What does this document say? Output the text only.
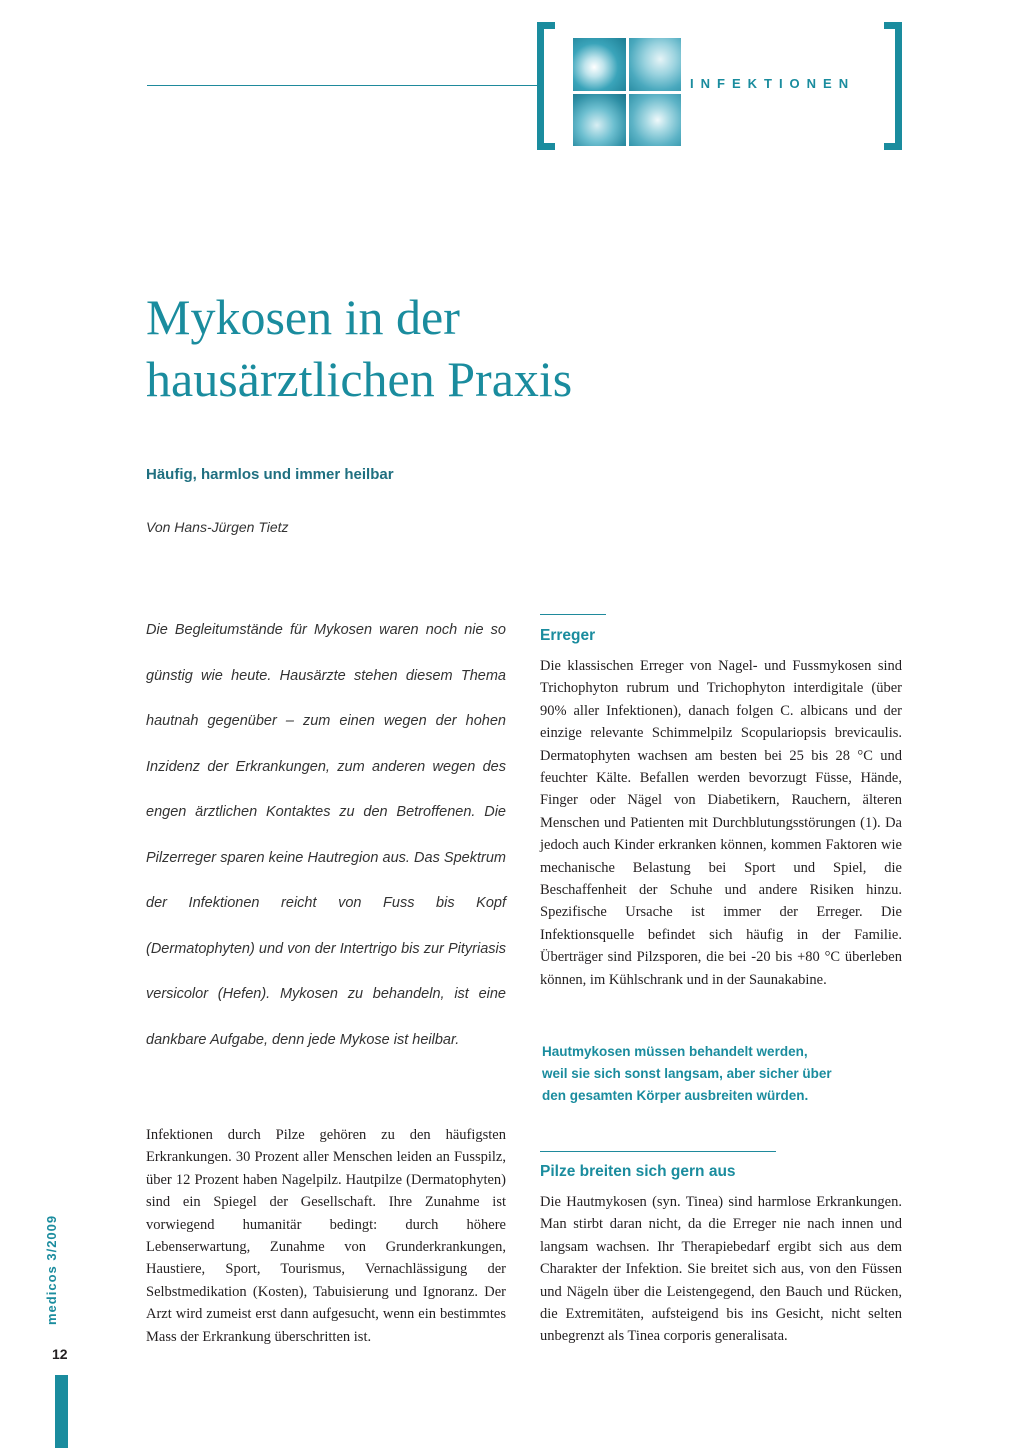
INFEKTIONEN
Mykosen in der
hausärztlichen Praxis
Häufig, harmlos und immer heilbar
Von Hans-Jürgen Tietz
Die Begleitumstände für Mykosen waren noch nie so günstig wie heute. Hausärzte stehen diesem Thema hautnah gegenüber – zum einen wegen der hohen Inzidenz der Erkrankungen, zum anderen wegen des engen ärztlichen Kontaktes zu den Betroffenen. Die Pilzerreger sparen keine Hautregion aus. Das Spektrum der Infektionen reicht von Fuss bis Kopf (Dermatophyten) und von der Intertrigo bis zur Pityriasis versicolor (Hefen). Mykosen zu behandeln, ist eine dankbare Aufgabe, denn jede Mykose ist heilbar.
Infektionen durch Pilze gehören zu den häufigsten Erkrankungen. 30 Prozent aller Menschen leiden an Fusspilz, über 12 Prozent haben Nagelpilz. Hautpilze (Dermatophyten) sind ein Spiegel der Gesellschaft. Ihre Zunahme ist vorwiegend humanitär bedingt: durch höhere Lebenserwartung, Zunahme von Grunderkrankungen, Haustiere, Sport, Tourismus, Vernachlässigung der Selbstmedikation (Kosten), Tabuisierung und Ignoranz. Der Arzt wird zumeist erst dann aufgesucht, wenn ein bestimmtes Mass der Erkrankung überschritten ist.
Erreger
Die klassischen Erreger von Nagel- und Fussmykosen sind Trichophyton rubrum und Trichophyton interdigitale (über 90% aller Infektionen), danach folgen C. albicans und der einzige relevante Schimmelpilz Scopulariopsis brevicaulis. Dermatophyten wachsen am besten bei 25 bis 28 °C und feuchter Kälte. Befallen werden bevorzugt Füsse, Hände, Finger oder Nägel von Diabetikern, Rauchern, älteren Menschen und Patienten mit Durchblutungsstörungen (1). Da jedoch auch Kinder erkranken können, kommen Faktoren wie mechanische Belastung bei Sport und Spiel, die Beschaffenheit der Schuhe und andere Risiken hinzu. Spezifische Ursache ist immer der Erreger. Die Infektionsquelle befindet sich häufig in der Familie. Überträger sind Pilzsporen, die bei -20 bis +80 °C überleben können, im Kühlschrank und in der Saunakabine.
Hautmykosen müssen behandelt werden,
weil sie sich sonst langsam, aber sicher über
den gesamten Körper ausbreiten würden.
Pilze breiten sich gern aus
Die Hautmykosen (syn. Tinea) sind harmlose Erkrankungen. Man stirbt daran nicht, da die Erreger nie nach innen und langsam wachsen. Ihr Therapiebedarf ergibt sich aus dem Charakter der Infektion. Sie breitet sich aus, von den Füssen und Nägeln über die Leistengegend, den Bauch und Rücken, die Extremitäten, aufsteigend bis ins Gesicht, nicht selten unbegrenzt als Tinea corporis generalisata.
medicos 3/2009
12
